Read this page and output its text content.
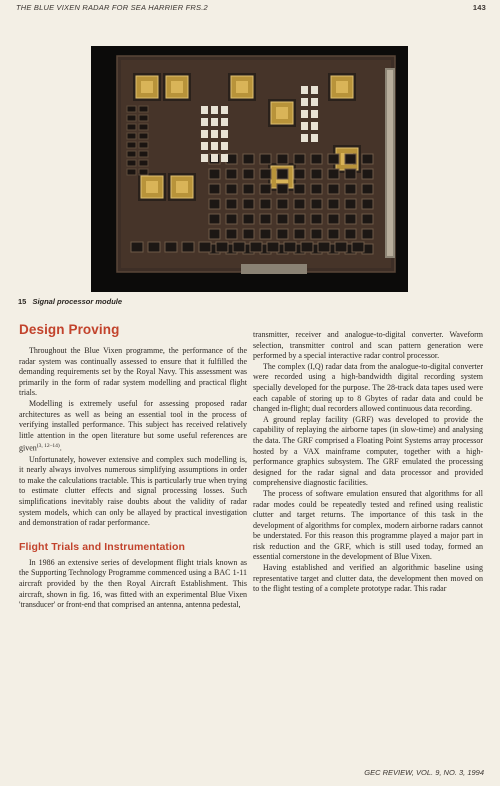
THE BLUE VIXEN RADAR FOR SEA HARRIER FRS.2	143
15 Signal processor module
Design Proving

Throughout the Blue Vixen programme, the performance of the radar system was continually assessed to ensure that it fulfilled the demanding requirements set by the Royal Navy. This assessment was primarily in the form of radar system modelling and practical flight trials.

Modelling is extremely useful for assessing proposed radar architectures as well as being an essential tool in the process of verifying installed performance. This subject has received relatively little attention in the open literature but some useful references are given$^{(3, 12-14)}$.

Unfortunately, however extensive and complex such modelling is, it nearly always involves numerous simplifying assumptions in order to make the calculations tractable. This is particularly true when trying to estimate clutter effects and signal processing losses. Such simplifications inevitably raise doubts about the validity of radar system models, which can only be allayed by practical investigation and demonstration of radar performance.

Flight Trials and Instrumentation

In 1986 an extensive series of development flight trials known as the Supporting Technology Programme commenced using a BAC 1-11 aircraft provided by the then Royal Aircraft Establishment. This aircraft, shown in fig. 16, was fitted with an experimental Blue Vixen 'transducer' or front-end that comprised an antenna, antenna pedestal,

transmitter, receiver and analogue-to-digital converter. Waveform selection, transmitter control and scan pattern generation were performed by a special interactive radar control processor.

The complex (I,Q) radar data from the analogue-to-digital converter were recorded using a high-bandwidth digital recording system specially developed for the purpose. The 28-track data tapes used were each capable of storing up to 8 Gbytes of radar data and could be changed in-flight; dual recorders allowed continuous data recording.

A ground replay facility (GRF) was developed to provide the capability of replaying the airborne tapes (in slow-time) and analysing the data. The GRF comprised a Floating Point Systems array processor hosted by a VAX mainframe computer, together with a high-performance graphics subsystem. The GRF emulated the processing designed for the radar signal and data processor and provided comprehensive diagnostic facilities.

The process of software emulation ensured that algorithms for all radar modes could be repeatedly tested and refined using realistic clutter and target returns. The importance of this task in the development of algorithms for complex, modern airborne radars cannot be understated. For this reason this programme played a major part in risk reduction and the GRF, which is still used today, formed an essential cornerstone in the development of Blue Vixen.

Having established and verified an algorithmic baseline using representative target and clutter data, the development then moved on to the flight testing of a complete prototype radar. This radar

GEC REVIEW, VOL. 9, NO. 3, 1994
